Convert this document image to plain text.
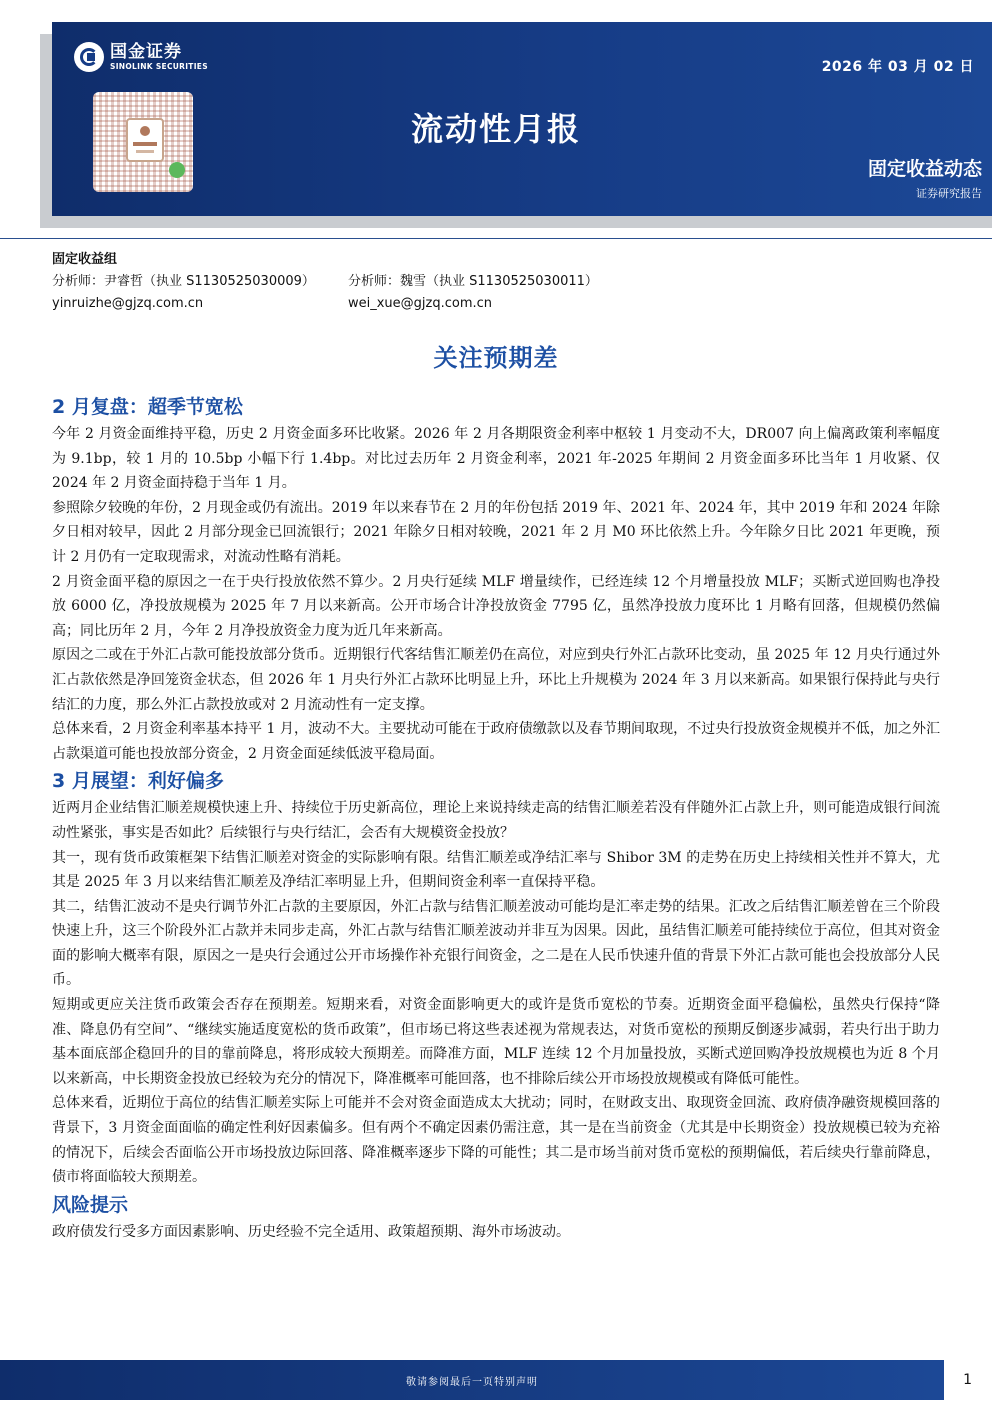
国金证券
SINOLINK SECURITIES	2026 年 03 月 02 日
流动性月报
固定收益动态
证券研究报告
固定收益组
分析师：尹睿哲（执业 S1130525030009）	分析师：魏雪（执业 S1130525030011）
yinruizhe@gjzq.com.cn	wei_xue@gjzq.com.cn
关注预期差
2 月复盘：超季节宽松

今年 2 月资金面维持平稳，历史 2 月资金面多环比收紧。2026 年 2 月各期限资金利率中枢较 1 月变动不大，DR007 向上偏离政策利率幅度为 9.1bp，较 1 月的 10.5bp 小幅下行 1.4bp。对比过去历年 2 月资金利率，2021 年-2025 年期间 2 月资金面多环比当年 1 月收紧、仅 2024 年 2 月资金面持稳于当年 1 月。

参照除夕较晚的年份，2 月现金或仍有流出。2019 年以来春节在 2 月的年份包括 2019 年、2021 年、2024 年，其中 2019 年和 2024 年除夕日相对较早，因此 2 月部分现金已回流银行；2021 年除夕日相对较晚，2021 年 2 月 M0 环比依然上升。今年除夕日比 2021 年更晚，预计 2 月仍有一定取现需求，对流动性略有消耗。

2 月资金面平稳的原因之一在于央行投放依然不算少。2 月央行延续 MLF 增量续作，已经连续 12 个月增量投放 MLF；买断式逆回购也净投放 6000 亿，净投放规模为 2025 年 7 月以来新高。公开市场合计净投放资金 7795 亿，虽然净投放力度环比 1 月略有回落，但规模仍然偏高；同比历年 2 月，今年 2 月净投放资金力度为近几年来新高。

原因之二或在于外汇占款可能投放部分货币。近期银行代客结售汇顺差仍在高位，对应到央行外汇占款环比变动，虽 2025 年 12 月央行通过外汇占款依然是净回笼资金状态，但 2026 年 1 月央行外汇占款环比明显上升，环比上升规模为 2024 年 3 月以来新高。如果银行保持此与央行结汇的力度，那么外汇占款投放或对 2 月流动性有一定支撑。

总体来看，2 月资金利率基本持平 1 月，波动不大。主要扰动可能在于政府债缴款以及春节期间取现，不过央行投放资金规模并不低，加之外汇占款渠道可能也投放部分资金，2 月资金面延续低波平稳局面。

3 月展望：利好偏多

近两月企业结售汇顺差规模快速上升、持续位于历史新高位，理论上来说持续走高的结售汇顺差若没有伴随外汇占款上升，则可能造成银行间流动性紧张，事实是否如此？后续银行与央行结汇，会否有大规模资金投放？

其一，现有货币政策框架下结售汇顺差对资金的实际影响有限。结售汇顺差或净结汇率与 Shibor 3M 的走势在历史上持续相关性并不算大，尤其是 2025 年 3 月以来结售汇顺差及净结汇率明显上升，但期间资金利率一直保持平稳。

其二，结售汇波动不是央行调节外汇占款的主要原因，外汇占款与结售汇顺差波动可能均是汇率走势的结果。汇改之后结售汇顺差曾在三个阶段快速上升，这三个阶段外汇占款并未同步走高，外汇占款与结售汇顺差波动并非互为因果。因此，虽结售汇顺差可能持续位于高位，但其对资金面的影响大概率有限，原因之一是央行会通过公开市场操作补充银行间资金，之二是在人民币快速升值的背景下外汇占款可能也会投放部分人民币。

短期或更应关注货币政策会否存在预期差。短期来看，对资金面影响更大的或许是货币宽松的节奏。近期资金面平稳偏松，虽然央行保持“降准、降息仍有空间”、“继续实施适度宽松的货币政策”，但市场已将这些表述视为常规表达，对货币宽松的预期反倒逐步减弱，若央行出于助力基本面底部企稳回升的目的靠前降息，将形成较大预期差。而降准方面，MLF 连续 12 个月加量投放，买断式逆回购净投放规模也为近 8 个月以来新高，中长期资金投放已经较为充分的情况下，降准概率可能回落，也不排除后续公开市场投放规模或有降低可能性。

总体来看，近期位于高位的结售汇顺差实际上可能并不会对资金面造成太大扰动；同时，在财政支出、取现资金回流、政府债净融资规模回落的背景下，3 月资金面面临的确定性利好因素偏多。但有两个不确定因素仍需注意，其一是在当前资金（尤其是中长期资金）投放规模已较为充裕的情况下，后续会否面临公开市场投放边际回落、降准概率逐步下降的可能性；其二是市场当前对货币宽松的预期偏低，若后续央行靠前降息，债市将面临较大预期差。

风险提示

政府债发行受多方面因素影响、历史经验不完全适用、政策超预期、海外市场波动。

敬请参阅最后一页特别声明	1
